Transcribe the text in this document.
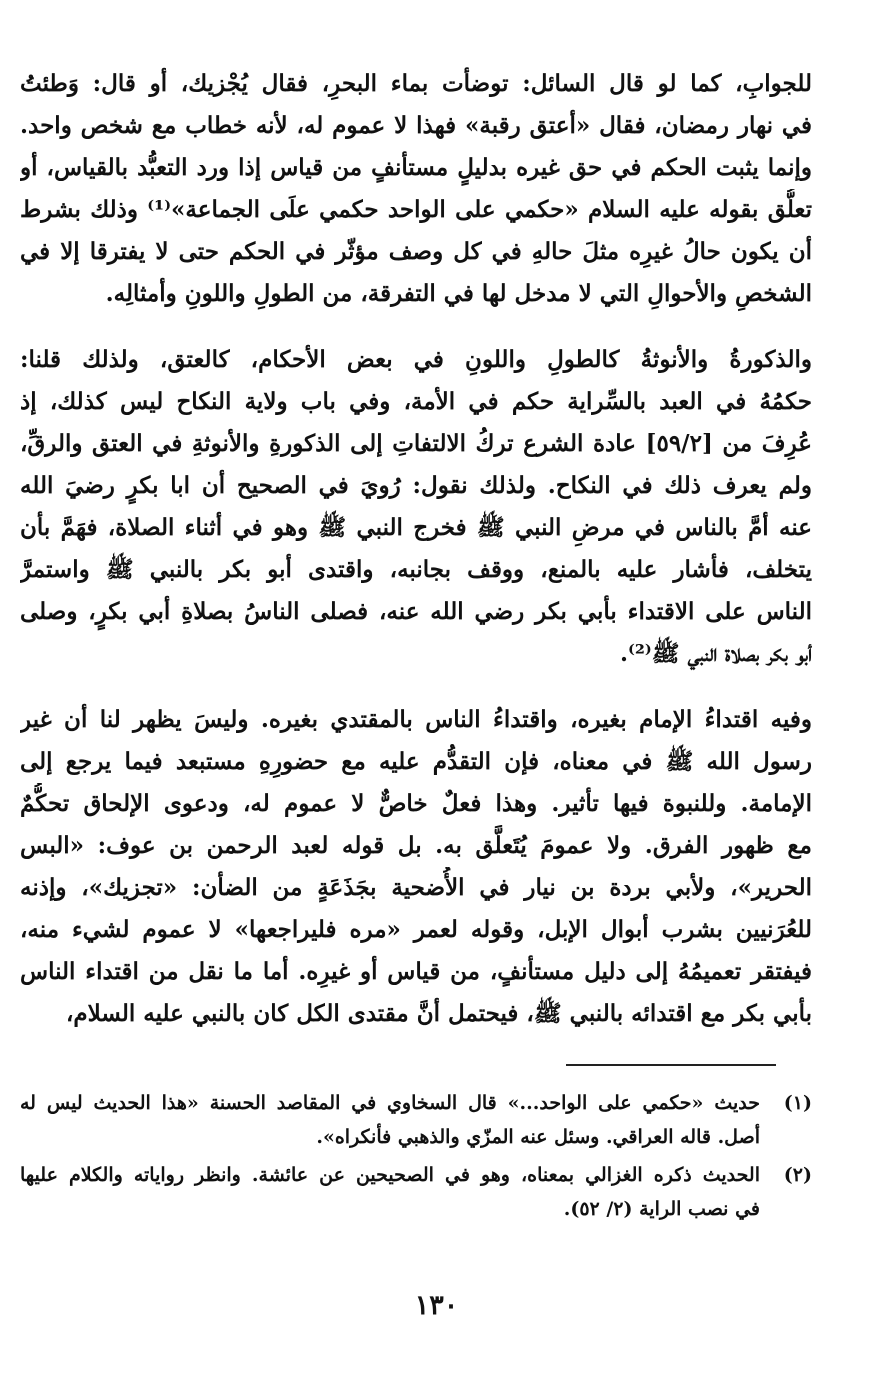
للجوابِ، كما لو قال السائل: توضأت بماء البحرِ، فقال يُجْزيك، أو قال: وَطئتُ
في نهار رمضان، فقال «أعتق رقبة» فهذا لا عموم له، لأنه خطاب مع شخص واحد.
وإنما يثبت الحكم في حق غيره بدليلٍ مستأنفٍ من قياس إذا ورد التعبُّد بالقياس، أو
تعلُّق بقوله عليه السلام «حكمي على الواحد حكمي علَى الجماعة»⁽¹⁾ وذلك بشرط
أن يكون حالُ غيرِه مثلَ حالهِ في كل وصف مؤثّر في الحكم حتى لا يفترقا إلا في
الشخصِ والأحوالِ التي لا مدخل لها في التفرقة، من الطولِ واللونِ وأمثالِه.
والذكورةُ والأنوثةُ كالطولِ واللونِ في بعض الأحكام، كالعتق، ولذلك قلنا:
حكمُهُ في العبد بالسِّراية حكم في الأمة، وفي باب ولاية النكاح ليس كذلك، إذ
عُرِفَ من [٥٩/٢] عادة الشرع تركُ الالتفاتِ إلى الذكورةِ والأنوثةِ في العتق والرقِّ،
ولم يعرف ذلك في النكاح. ولذلك نقول: رُويَ في الصحيح أن ابا بكرٍ رضيَ الله
عنه أمَّ بالناس في مرضِ النبي ﷺ فخرج النبي ﷺ وهو في أثناء الصلاة، فهَمَّ بأن
يتخلف، فأشار عليه بالمنع، ووقف بجانبه، واقتدى أبو بكر بالنبي ﷺ واستمرَّ
الناس على الاقتداء بأبي بكر رضي الله عنه، فصلى الناسُ بصلاةِ أبي بكرٍ، وصلى
أبو بكر بصلاة النبي ﷺ⁽²⁾.
وفيه اقتداءُ الإمام بغيره، واقتداءُ الناس بالمقتدي بغيره. وليسَ يظهر لنا أن غير
رسول الله ﷺ في معناه، فإن التقدُّم عليه مع حضورِهِ مستبعد فيما يرجع إلى
الإمامة. وللنبوة فيها تأثير. وهذا فعلٌ خاصٌّ لا عموم له، ودعوى الإلحاق تحكُّمٌ
مع ظهور الفرق. ولا عمومَ يُتَعلَّق به. بل قوله لعبد الرحمن بن عوف: «البس
الحرير»، ولأبي بردة بن نيار في الأُضحية بجَذَعَةٍ من الضأن: «تجزيك»، وإذنه
للعُرَنيين بشرب أبوال الإبل، وقوله لعمر «مره فليراجعها» لا عموم لشيء منه،
فيفتقر تعميمُهُ إلى دليل مستأنفٍ، من قياس أو غيرِه. أما ما نقل من اقتداء الناس
بأبي بكر مع اقتدائه بالنبي ﷺ، فيحتمل أنَّ مقتدى الكل كان بالنبي عليه السلام،
(١)
حديث «حكمي على الواحد...» قال السخاوي في المقاصد الحسنة «هذا الحديث ليس له
أصل. قاله العراقي. وسئل عنه المزّي والذهبي فأنكراه».
(٢)
الحديث ذكره الغزالي بمعناه، وهو في الصحيحين عن عائشة. وانظر رواياته والكلام عليها
في نصب الراية (٢/ ٥٢).
١٣٠
